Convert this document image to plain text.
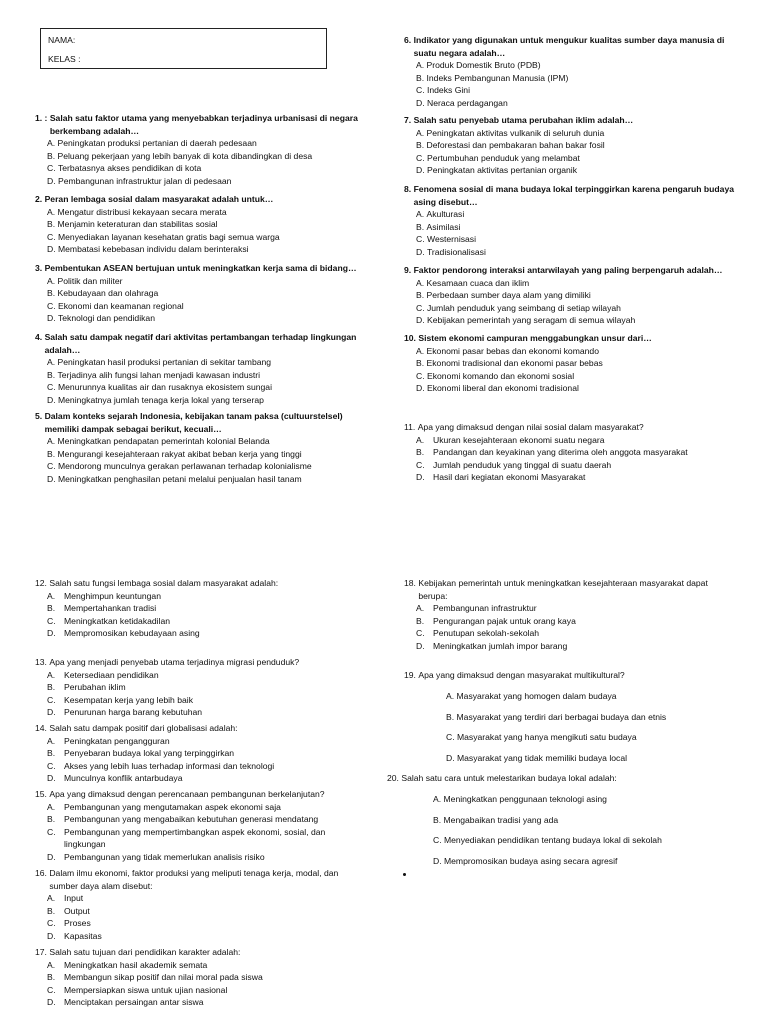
NAMA:
KELAS :
1. : Salah satu faktor utama yang menyebabkan terjadinya urbanisasi di negara berkembang adalah…
A. Peningkatan produksi pertanian di daerah pedesaan
B. Peluang pekerjaan yang lebih banyak di kota dibandingkan di desa
C. Terbatasnya akses pendidikan di kota
D. Pembangunan infrastruktur jalan di pedesaan
2. Peran lembaga sosial dalam masyarakat adalah untuk…
A. Mengatur distribusi kekayaan secara merata
B. Menjamin keteraturan dan stabilitas sosial
C. Menyediakan layanan kesehatan gratis bagi semua warga
D. Membatasi kebebasan individu dalam berinteraksi
3. Pembentukan ASEAN bertujuan untuk meningkatkan kerja sama di bidang…
A. Politik dan militer
B. Kebudayaan dan olahraga
C. Ekonomi dan keamanan regional
D. Teknologi dan pendidikan
4. Salah satu dampak negatif dari aktivitas pertambangan terhadap lingkungan adalah…
A. Peningkatan hasil produksi pertanian di sekitar tambang
B. Terjadinya alih fungsi lahan menjadi kawasan industri
C. Menurunnya kualitas air dan rusaknya ekosistem sungai
D. Meningkatnya jumlah tenaga kerja lokal yang terserap
5. Dalam konteks sejarah Indonesia, kebijakan tanam paksa (cultuurstelsel) memiliki dampak sebagai berikut, kecuali…
A. Meningkatkan pendapatan pemerintah kolonial Belanda
B. Mengurangi kesejahteraan rakyat akibat beban kerja yang tinggi
C. Mendorong munculnya gerakan perlawanan terhadap kolonialisme
D. Meningkatkan penghasilan petani melalui penjualan hasil tanam
6. Indikator yang digunakan untuk mengukur kualitas sumber daya manusia di suatu negara adalah…
A. Produk Domestik Bruto (PDB)
B. Indeks Pembangunan Manusia (IPM)
C. Indeks Gini
D. Neraca perdagangan
7. Salah satu penyebab utama perubahan iklim adalah…
A. Peningkatan aktivitas vulkanik di seluruh dunia
B. Deforestasi dan pembakaran bahan bakar fosil
C. Pertumbuhan penduduk yang melambat
D. Peningkatan aktivitas pertanian organik
8. Fenomena sosial di mana budaya lokal terpinggirkan karena pengaruh budaya asing disebut…
A. Akulturasi
B. Asimilasi
C. Westernisasi
D. Tradisionalisasi
9. Faktor pendorong interaksi antarwilayah yang paling berpengaruh adalah…
A. Kesamaan cuaca dan iklim
B. Perbedaan sumber daya alam yang dimiliki
C. Jumlah penduduk yang seimbang di setiap wilayah
D. Kebijakan pemerintah yang seragam di semua wilayah
10. Sistem ekonomi campuran menggabungkan unsur dari…
A. Ekonomi pasar bebas dan ekonomi komando
B. Ekonomi tradisional dan ekonomi pasar bebas
C. Ekonomi komando dan ekonomi sosial
D. Ekonomi liberal dan ekonomi tradisional
11. Apa yang dimaksud dengan nilai sosial dalam masyarakat?
A.	Ukuran kesejahteraan ekonomi suatu negara
B.	Pandangan dan keyakinan yang diterima oleh anggota masyarakat
C. Jumlah penduduk yang tinggal di suatu daerah
D. Hasil dari kegiatan ekonomi Masyarakat
12. Salah satu fungsi lembaga sosial dalam masyarakat adalah:
A.	Menghimpun keuntungan
B.	Mempertahankan tradisi
C. Meningkatkan ketidakadilan
D. Mempromosikan kebudayaan asing
13. Apa yang menjadi penyebab utama terjadinya migrasi penduduk?
A.	Ketersediaan pendidikan
B.	Perubahan iklim
C. Kesempatan kerja yang lebih baik
D. Penurunan harga barang kebutuhan
14. Salah satu dampak positif dari globalisasi adalah:
A.	Peningkatan pengangguran
B.	Penyebaran budaya lokal yang terpinggirkan
C. Akses yang lebih luas terhadap informasi dan teknologi
D. Munculnya konflik antarbudaya
15. Apa yang dimaksud dengan perencanaan pembangunan berkelanjutan?
A.	Pembangunan yang mengutamakan aspek ekonomi saja
B.	Pembangunan yang mengabaikan kebutuhan generasi mendatang
C. Pembangunan yang mempertimbangkan aspek ekonomi, sosial, dan lingkungan
D. Pembangunan yang tidak memerlukan analisis risiko
16. Dalam ilmu ekonomi, faktor produksi yang meliputi tenaga kerja, modal, dan sumber daya alam disebut:
A.	Input
B.	Output
C. Proses
D. Kapasitas
17. Salah satu tujuan dari pendidikan karakter adalah:
A.	Meningkatkan hasil akademik semata
B.	Membangun sikap positif dan nilai moral pada siswa
C. Mempersiapkan siswa untuk ujian nasional
D. Menciptakan persaingan antar siswa
18. Kebijakan pemerintah untuk meningkatkan kesejahteraan masyarakat dapat berupa:
A.	Pembangunan infrastruktur
B.	Pengurangan pajak untuk orang kaya
C. Penutupan sekolah-sekolah
D. Meningkatkan jumlah impor barang
19. Apa yang dimaksud dengan masyarakat multikultural?
A. Masyarakat yang homogen dalam budaya
B. Masyarakat yang terdiri dari berbagai budaya dan etnis
C. Masyarakat yang hanya mengikuti satu budaya
D. Masyarakat yang tidak memiliki budaya local
20. Salah satu cara untuk melestarikan budaya lokal adalah:
A. Meningkatkan penggunaan teknologi asing
B. Mengabaikan tradisi yang ada
C. Menyediakan pendidikan tentang budaya lokal di sekolah
D. Mempromosikan budaya asing secara agresif
